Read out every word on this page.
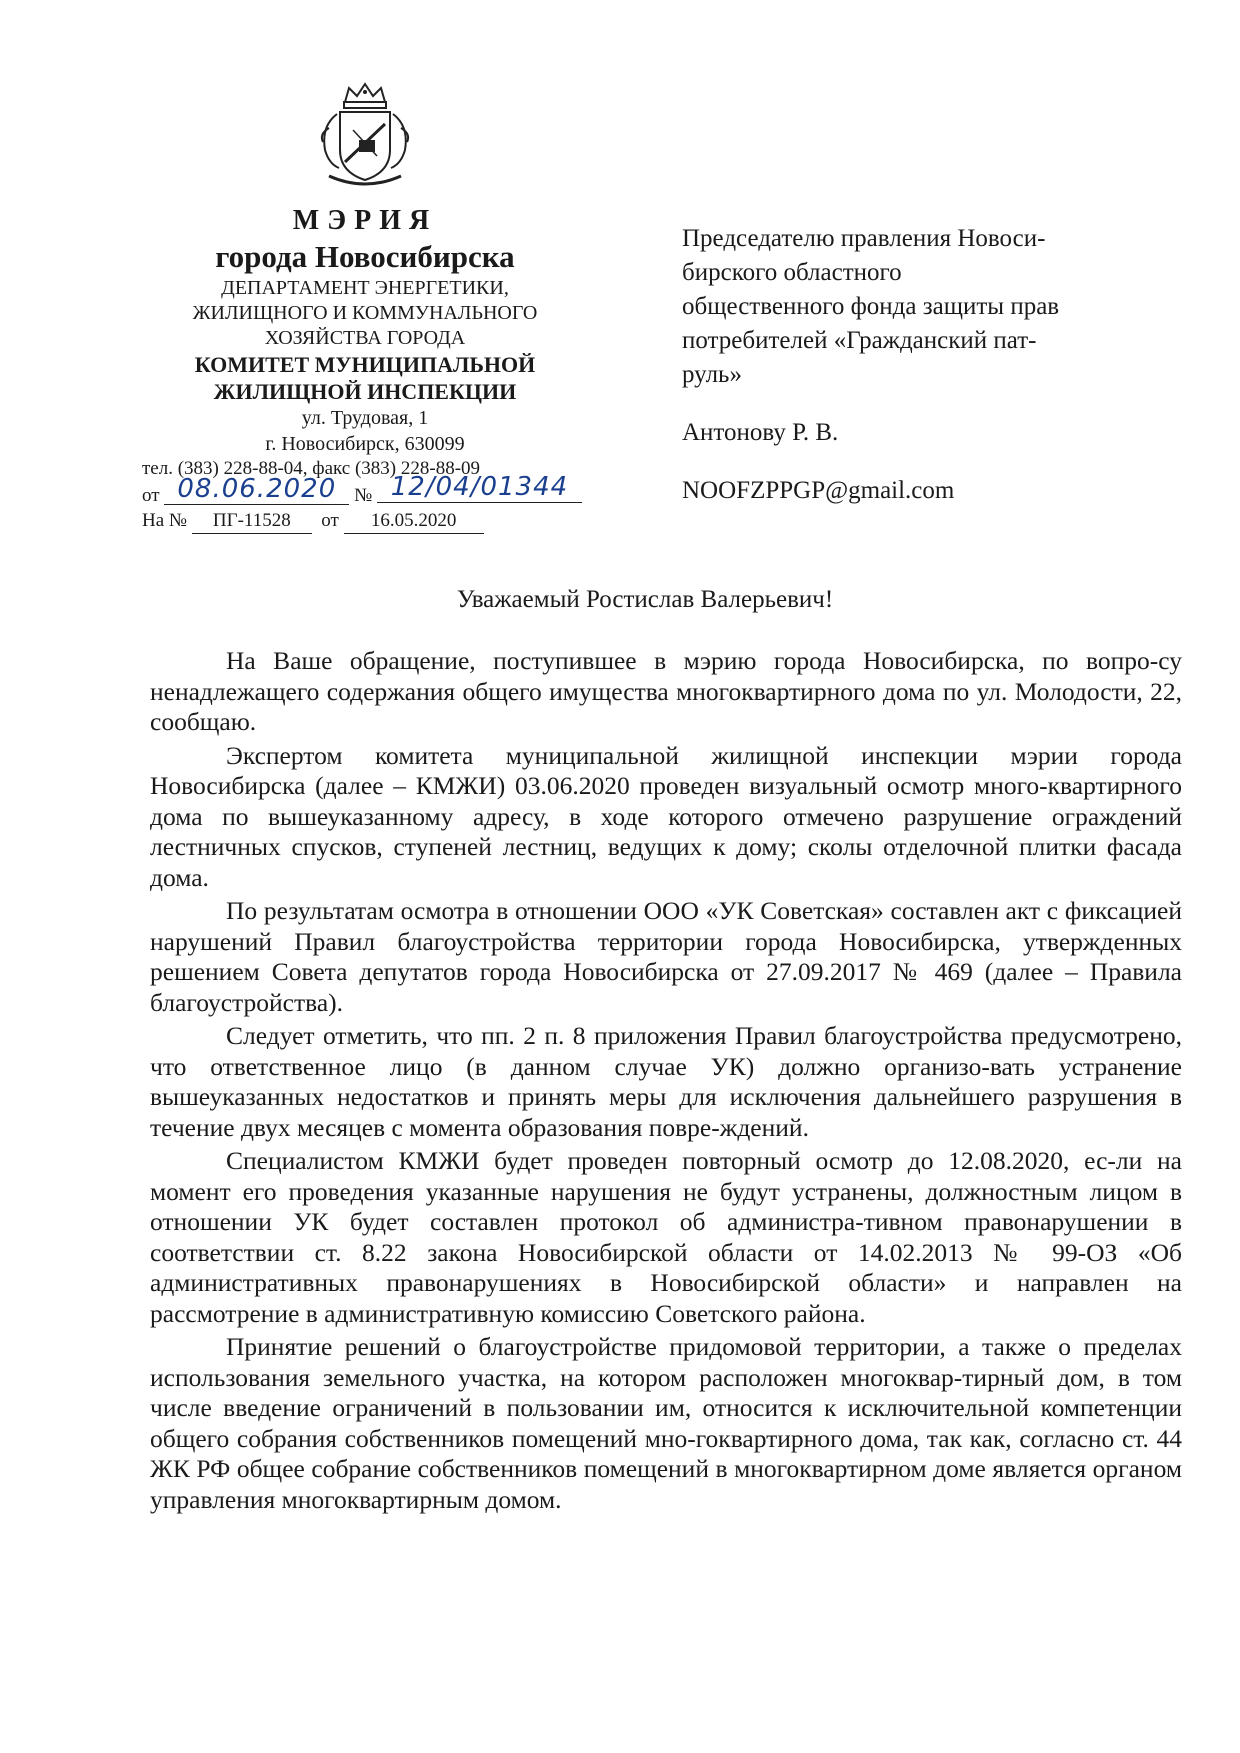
МЭРИЯ
города Новосибирска
ДЕПАРТАМЕНТ ЭНЕРГЕТИКИ,
ЖИЛИЩНОГО И КОММУНАЛЬНОГО
ХОЗЯЙСТВА ГОРОДА
КОМИТЕТ МУНИЦИПАЛЬНОЙ
ЖИЛИЩНОЙ ИНСПЕКЦИИ
ул. Трудовая, 1
г. Новосибирск, 630099
тел. (383) 228-88-04, факс (383) 228-88-09
от 08.06.2020 № 12/04/01344
На № ПГ-11528 от 16.05.2020
Председателю правления Новоси-
бирского областного
общественного фонда защиты прав
потребителей «Гражданский пат-
руль»
Антонову Р. В.
NOOFZPPGP@gmail.com
Уважаемый Ростислав Валерьевич!

На Ваше обращение, поступившее в мэрию города Новосибирска, по вопро-су ненадлежащего содержания общего имущества многоквартирного дома по ул. Молодости, 22, сообщаю.

Экспертом комитета муниципальной жилищной инспекции мэрии города Новосибирска (далее – КМЖИ) 03.06.2020 проведен визуальный осмотр много-квартирного дома по вышеуказанному адресу, в ходе которого отмечено разрушение ограждений лестничных спусков, ступеней лестниц, ведущих к дому; сколы отделочной плитки фасада дома.

По результатам осмотра в отношении ООО «УК Советская» составлен акт с фиксацией нарушений Правил благоустройства территории города Новосибирска, утвержденных решением Совета депутатов города Новосибирска от 27.09.2017 № 469 (далее – Правила благоустройства).

Следует отметить, что пп. 2 п. 8 приложения Правил благоустройства предусмотрено, что ответственное лицо (в данном случае УК) должно организо-вать устранение вышеуказанных недостатков и принять меры для исключения дальнейшего разрушения в течение двух месяцев с момента образования повре-ждений.

Специалистом КМЖИ будет проведен повторный осмотр до 12.08.2020, ес-ли на момент его проведения указанные нарушения не будут устранены, должностным лицом в отношении УК будет составлен протокол об администра-тивном правонарушении в соответствии ст. 8.22 закона Новосибирской области от 14.02.2013 № 99-ОЗ «Об административных правонарушениях в Новосибирской области» и направлен на рассмотрение в административную комиссию Советского района.

Принятие решений о благоустройстве придомовой территории, а также о пределах использования земельного участка, на котором расположен многоквар-тирный дом, в том числе введение ограничений в пользовании им, относится к исключительной компетенции общего собрания собственников помещений мно-гоквартирного дома, так как, согласно ст. 44 ЖК РФ общее собрание собственников помещений в многоквартирном доме является органом управления многоквартирным домом.
